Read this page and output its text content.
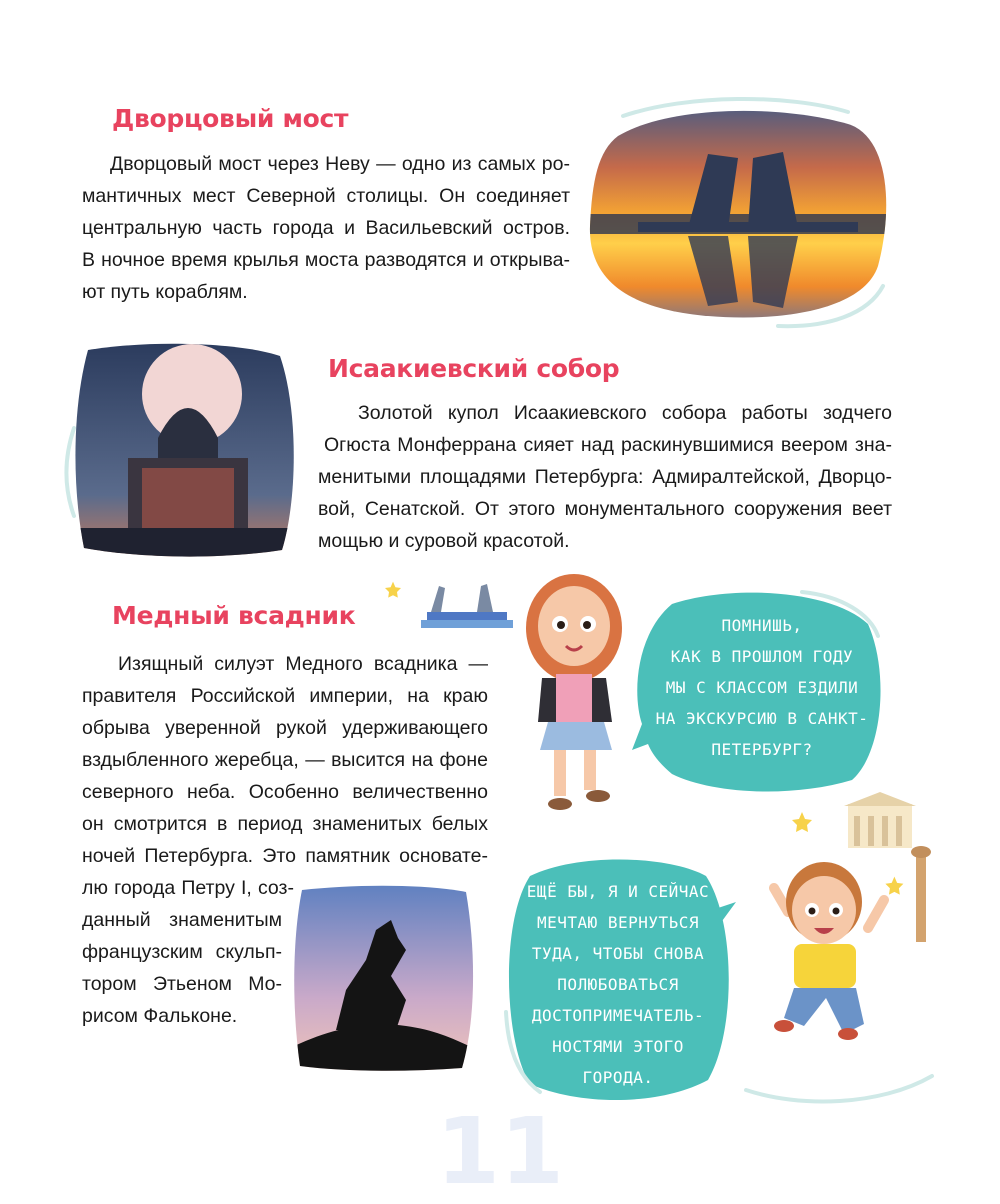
Дворцовый мост
Дворцовый мост через Неву — одно из самых ро-
мантичных мест Северной столицы. Он соединяет
центральную часть города и Васильевский остров.
В ночное время крылья моста разводятся и открыва-
ют путь кораблям.
Исаакиевский собор
Золотой купол Исаакиевского собора работы зодчего
Огюста Монферрана сияет над раскинувшимися веером зна-
менитыми площадями Петербурга: Адмиралтейской, Дворцо-
вой, Сенатской. От этого монументального сооружения веет
мощью и суровой красотой.
Медный всадник
Изящный силуэт Медного всадника —
правителя Российской империи, на краю
обрыва уверенной рукой удерживающего
вздыбленного жеребца, — высится на фоне
северного неба. Особенно величественно
он смотрится в период знаменитых белых
ночей Петербурга. Это памятник основате-
лю города Петру I, соз-
данный знаменитым
французским скульп-
тором Этьеном Мо-
рисом Фальконе.
ПОМНИШЬ,
КАК В ПРОШЛОМ ГОДУ
МЫ С КЛАССОМ ЕЗДИЛИ
НА ЭКСКУРСИЮ В САНКТ-
ПЕТЕРБУРГ?
ЕЩЁ БЫ, Я И СЕЙЧАС
МЕЧТАЮ ВЕРНУТЬСЯ
ТУДА, ЧТОБЫ СНОВА
ПОЛЮБОВАТЬСЯ
ДОСТОПРИМЕЧАТЕЛЬ-
НОСТЯМИ ЭТОГО
ГОРОДА.
11
